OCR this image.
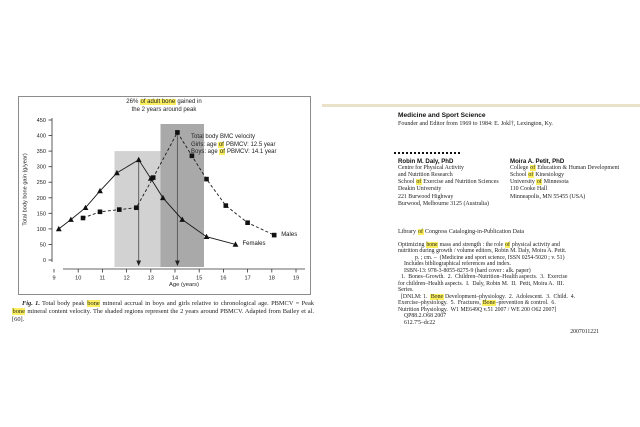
Total body bone gain (g/year)
Age (years)
0
50
100
150
200
250
300
350
400
450
9	10	11	12	13	14	15	16	17	18	19
26% of adult bone gained in
the 2 years around peak
Total body BMC velocity
Girls: age of PBMCV: 12.5 year
Boys: age of PBMCV: 14.1 year
Males
Females

Fig. 1. Total body peak bone mineral accrual in boys and girls relative to chronological age. PBMCV = Peak bone mineral content velocity. The shaded regions represent the 2 years around PBMCV. Adapted from Bailey et al. [60].

Medicine and Sport Science
Founder and Editor from 1969 to 1984: E. Jokl†, Lexington, Ky.
Robin M. Daly, PhD
Centre for Physical Activity
and Nutrition Research
School of Exercise and Nutrition Sciences
Deakin University
221 Burwood Highway
Burwood, Melbourne 3125 (Australia)
Moira A. Petit, PhD
College of Education & Human Development
School of Kinesiology
University of Minnesota
110 Cooke Hall
Minneapolis, MN 55455 (USA)
Library of Congress Cataloging-in-Publication Data
Optimizing bone mass and strength : the role of physical activity and
nutrition during growth / volume editors, Robin M. Daly, Moira A. Petit.
p. ; cm. –  (Medicine and sport science, ISSN 0254-5020 ; v. 51)
Includes bibliographical references and index.
ISBN-13: 978-3-8055-8275-9 (hard cover : alk. paper)
1.  Bones–Growth.  2.  Children–Nutrition–Health aspects.  3.  Exercise
for children–Health aspects.  I.  Daly, Robin M.  II.  Petit, Moira A.  III.
Series.
[DNLM: 1.  Bone Development–physiology.  2.  Adolescent.  3.  Child.  4.
Exercise–physiology.  5.  Fractures, Bone–prevention & control.  6.
Nutrition Physiology.  W1 ME649Q v.51 2007 / WE 200 O62 2007]
QP88.2.O68 2007
612.7'5–dc22
2007011221
